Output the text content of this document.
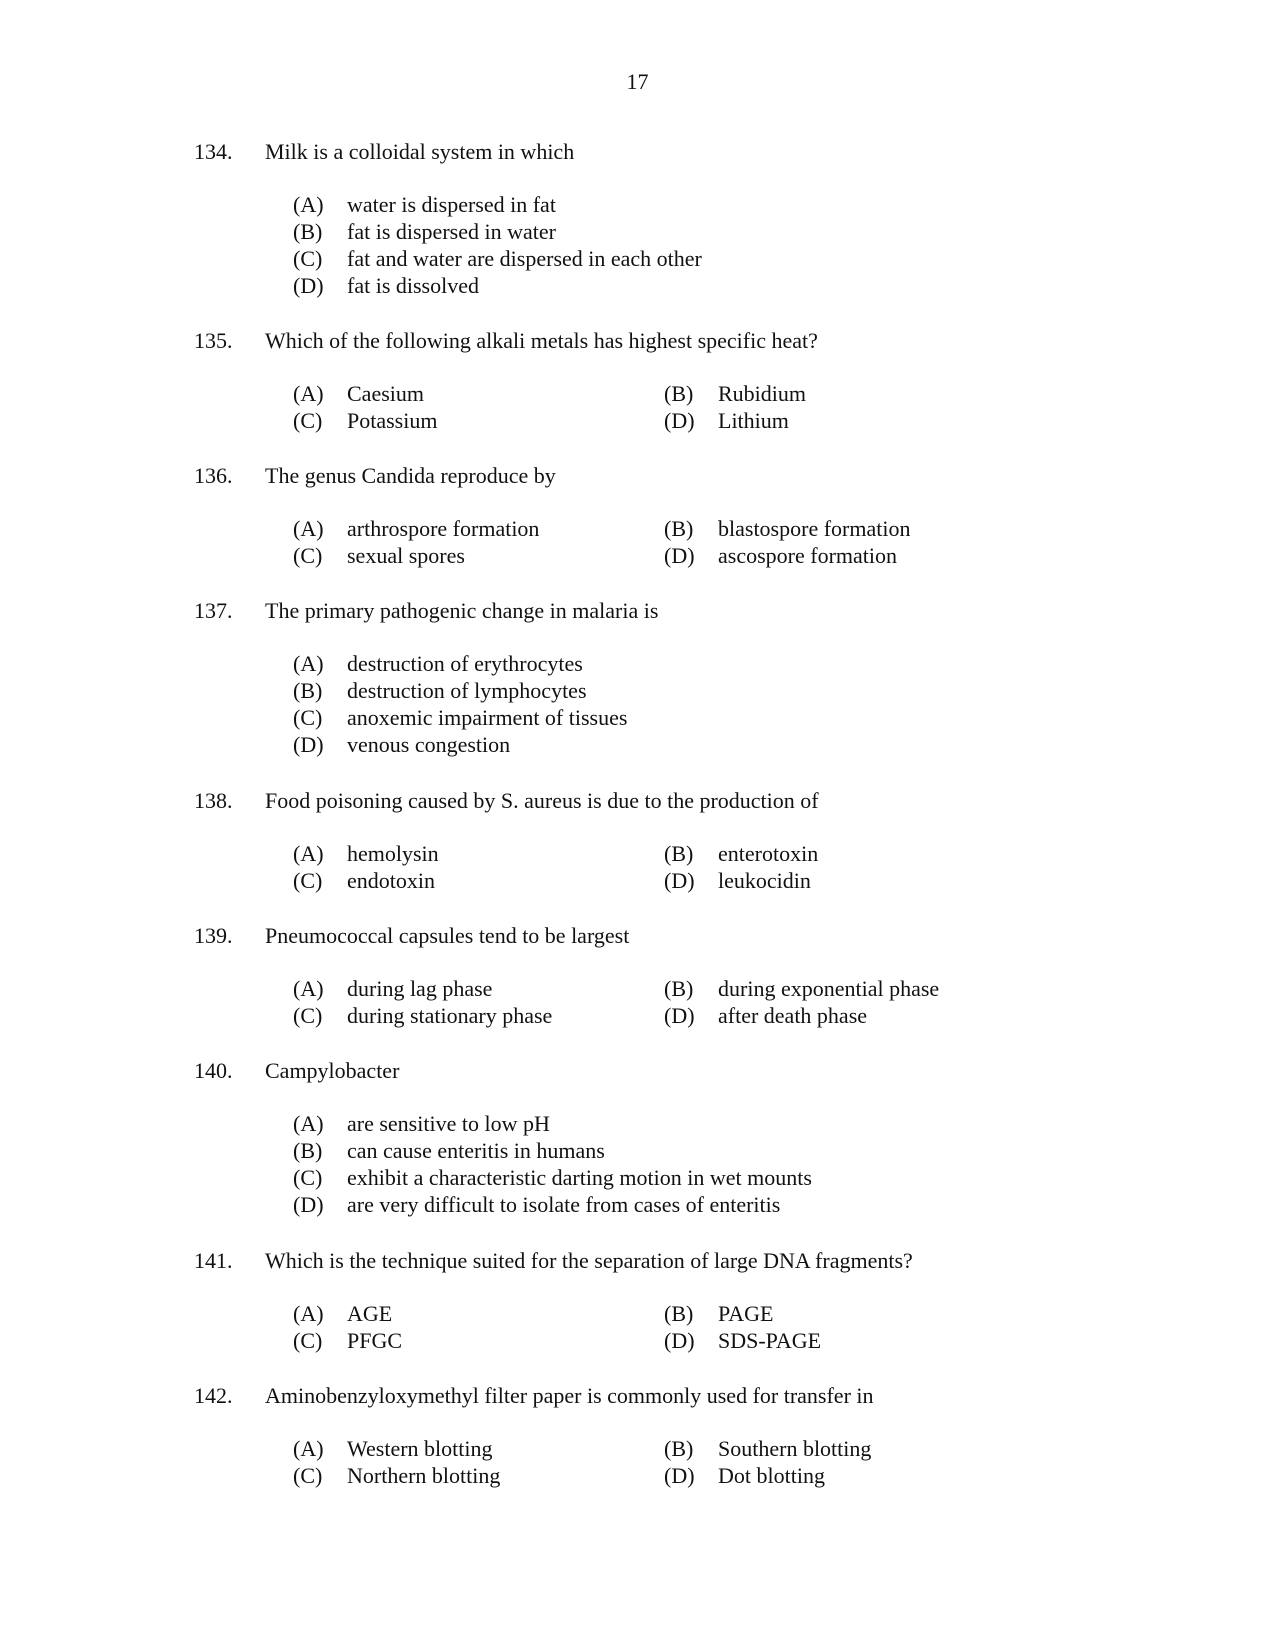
17
134. Milk is a colloidal system in which
(A) water is dispersed in fat
(B) fat is dispersed in water
(C) fat and water are dispersed in each other
(D) fat is dissolved
135. Which of the following alkali metals has highest specific heat?
(A) Caesium	(B) Rubidium
(C) Potassium	(D) Lithium
136. The genus Candida reproduce by
(A) arthrospore formation	(B) blastospore formation
(C) sexual spores	(D) ascospore formation
137. The primary pathogenic change in malaria is
(A) destruction of erythrocytes
(B) destruction of lymphocytes
(C) anoxemic impairment of tissues
(D) venous congestion
138. Food poisoning caused by S. aureus is due to the production of
(A) hemolysin	(B) enterotoxin
(C) endotoxin	(D) leukocidin
139. Pneumococcal capsules tend to be largest
(A) during lag phase	(B) during exponential phase
(C) during stationary phase	(D) after death phase
140. Campylobacter
(A) are sensitive to low pH
(B) can cause enteritis in humans
(C) exhibit a characteristic darting motion in wet mounts
(D) are very difficult to isolate from cases of enteritis
141. Which is the technique suited for the separation of large DNA fragments?
(A) AGE	(B) PAGE
(C) PFGC	(D) SDS-PAGE
142. Aminobenzyloxymethyl filter paper is commonly used for transfer in
(A) Western blotting	(B) Southern blotting
(C) Northern blotting	(D) Dot blotting
